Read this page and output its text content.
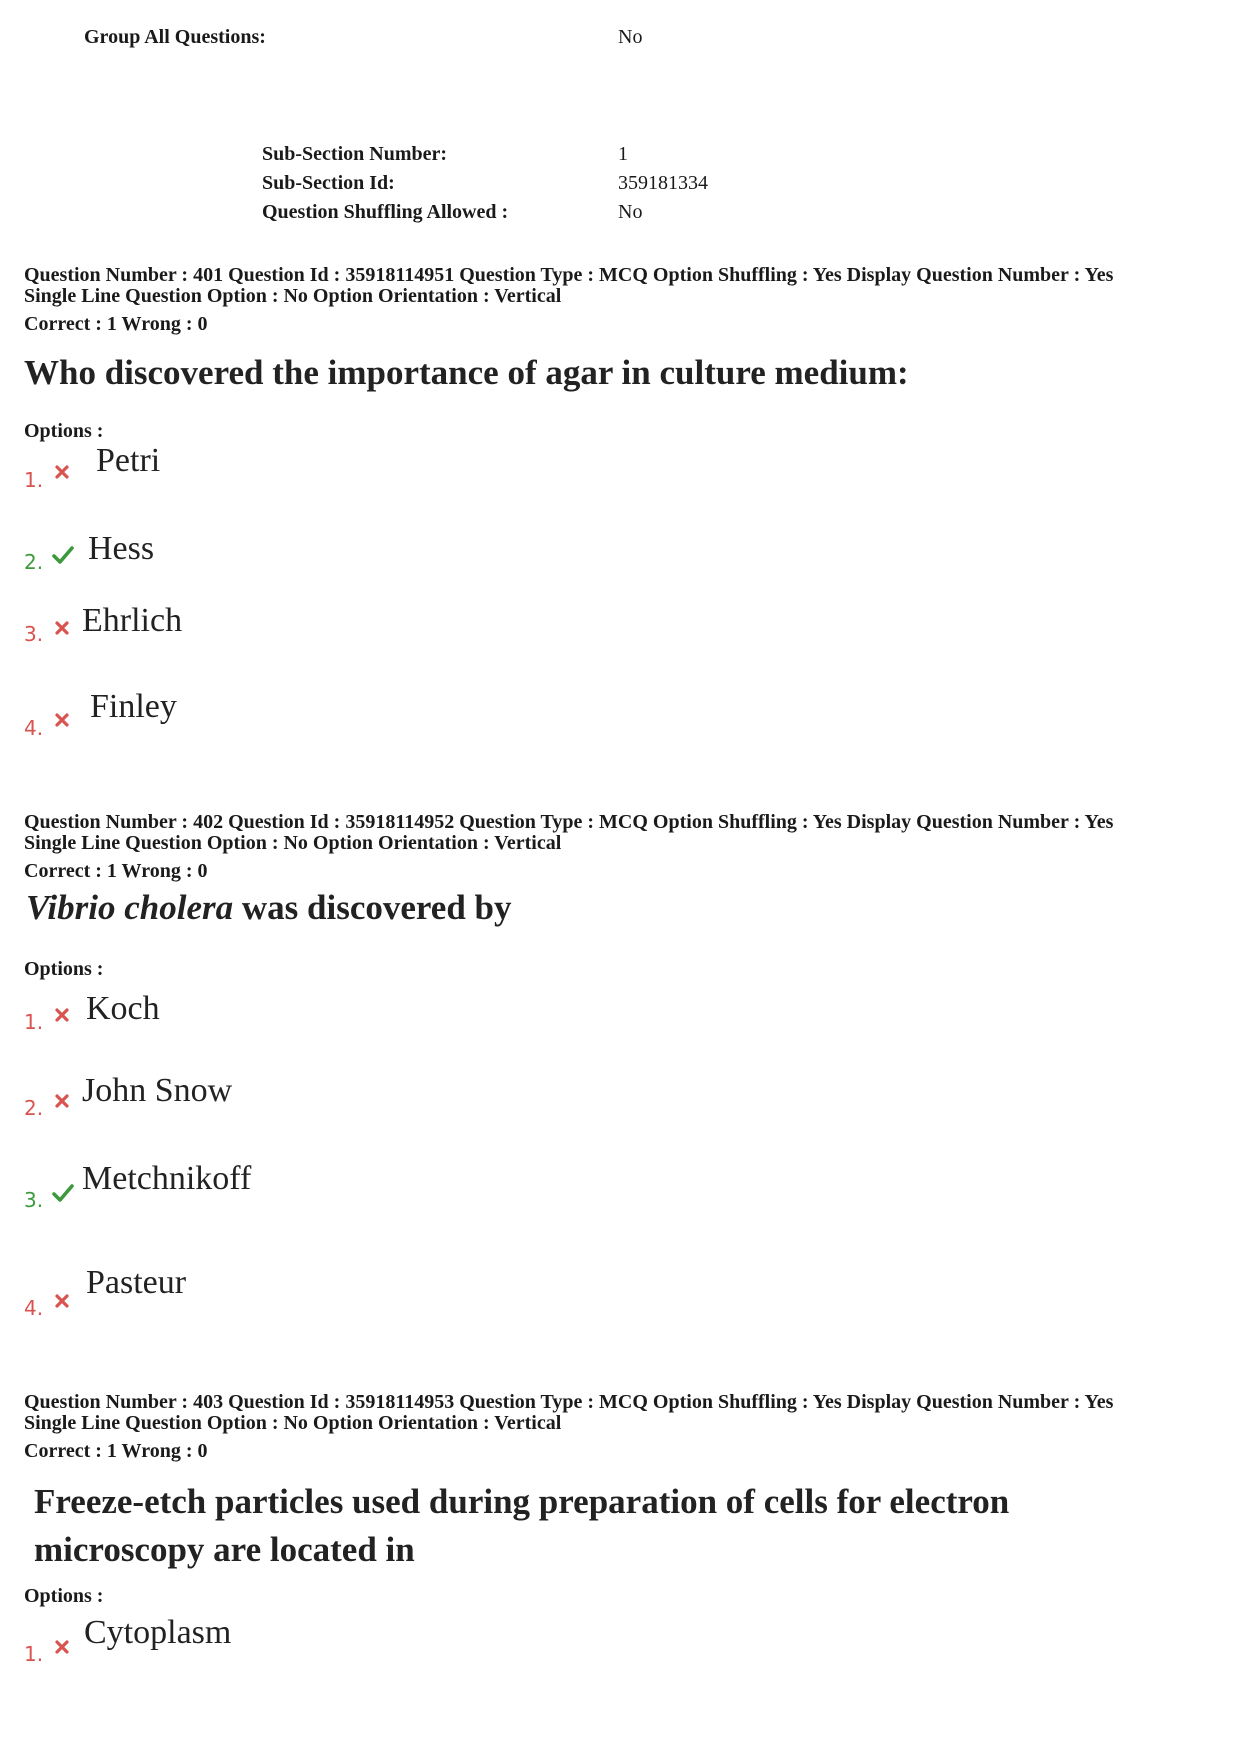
Group All Questions:	No
Sub-Section Number:	1
Sub-Section Id:	359181334
Question Shuffling Allowed :	No
Question Number : 401 Question Id : 35918114951 Question Type : MCQ Option Shuffling : Yes Display Question Number : Yes
Single Line Question Option : No Option Orientation : Vertical
Correct : 1 Wrong : 0
Who discovered the importance of agar in culture medium:
Options :
1.
Petri
2. Hess
3. Ehrlich
4.
Finley
Question Number : 402 Question Id : 35918114952 Question Type : MCQ Option Shuffling : Yes Display Question Number : Yes
Single Line Question Option : No Option Orientation : Vertical
Correct : 1 Wrong : 0
Vibrio cholera was discovered by
Options :
1. Koch
2. John Snow
3.
Metchnikoff
4.
Pasteur
Question Number : 403 Question Id : 35918114953 Question Type : MCQ Option Shuffling : Yes Display Question Number : Yes
Single Line Question Option : No Option Orientation : Vertical
Correct : 1 Wrong : 0
Freeze-etch particles used during preparation of cells for electron
microscopy are located in
Options :
1.
Cytoplasm
